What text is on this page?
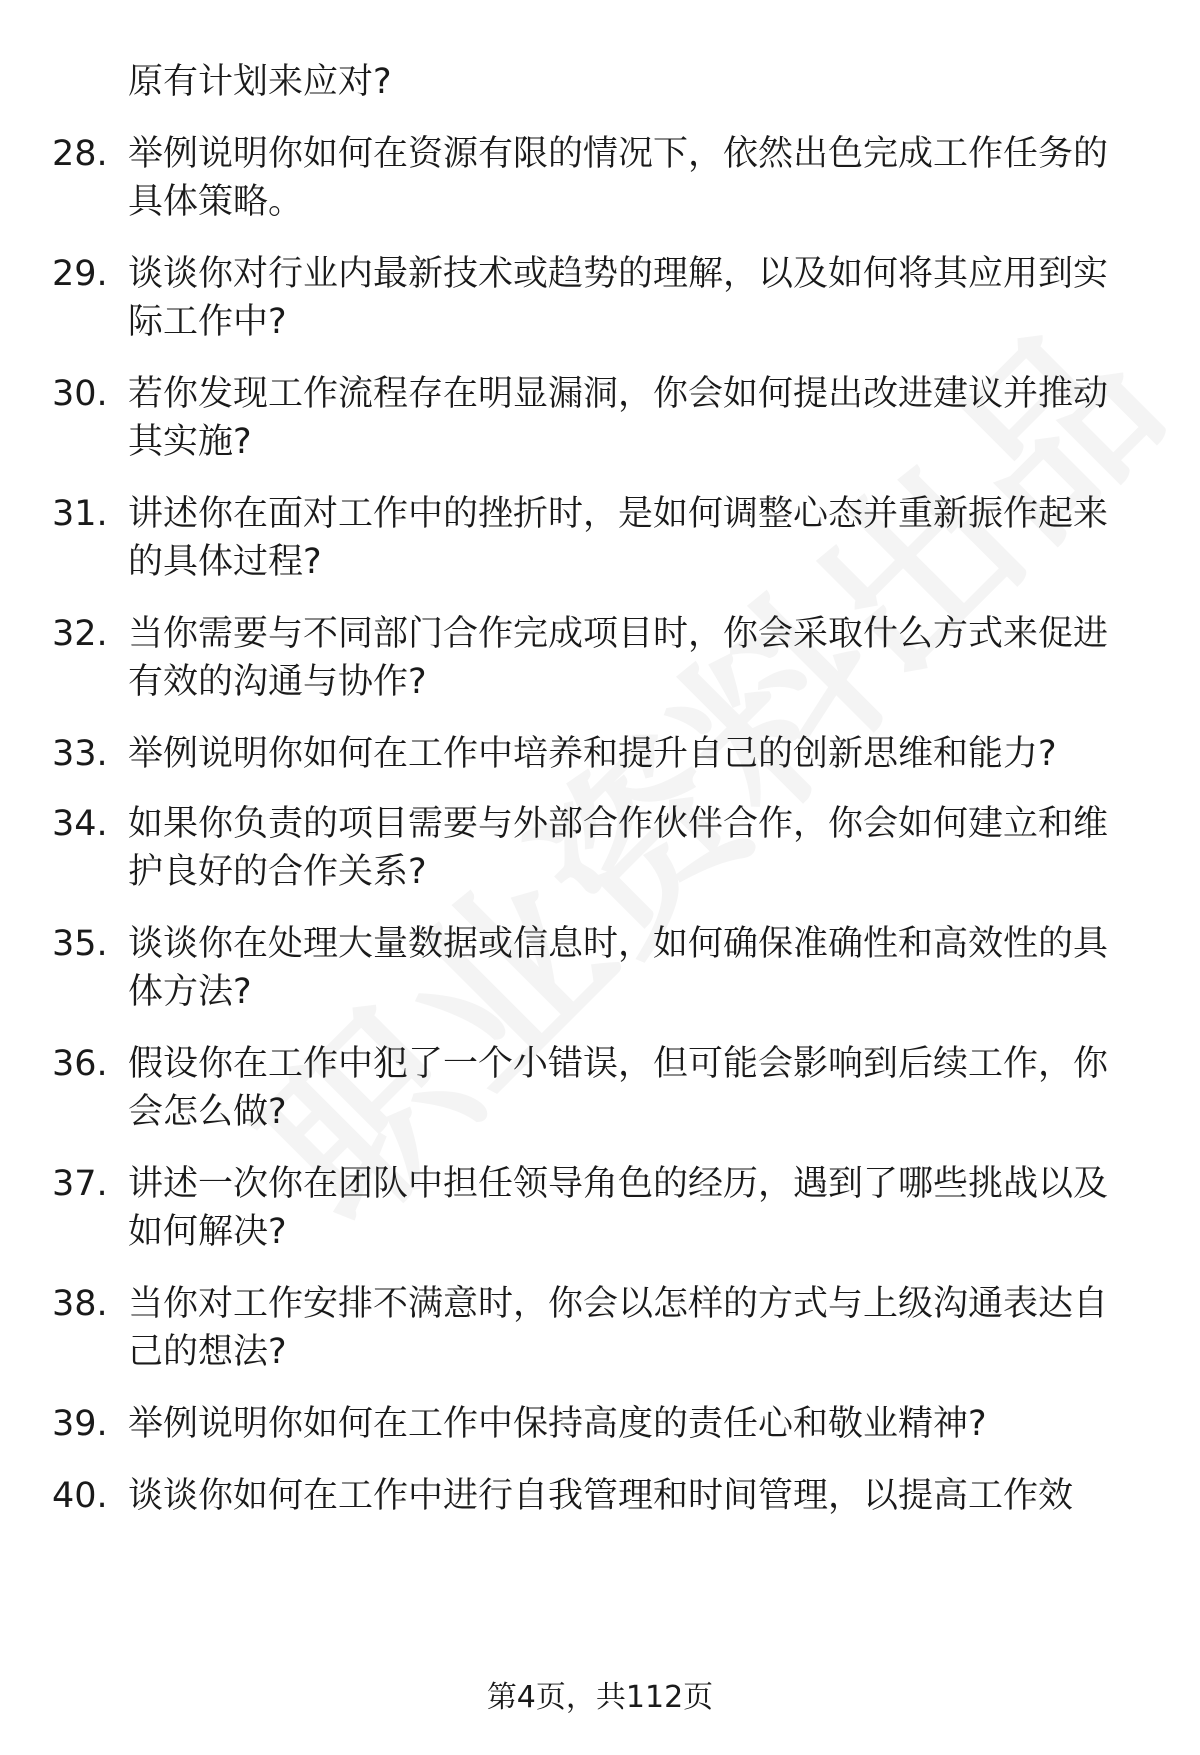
原有计划来应对?
28. 举例说明你如何在资源有限的情况下，依然出色完成工作任务的
具体策略。
29. 谈谈你对行业内最新技术或趋势的理解，以及如何将其应用到实
际工作中?
30. 若你发现工作流程存在明显漏洞，你会如何提出改进建议并推动
其实施?
31. 讲述你在面对工作中的挫折时，是如何调整心态并重新振作起来
的具体过程?
32. 当你需要与不同部门合作完成项目时，你会采取什么方式来促进
有效的沟通与协作?
33. 举例说明你如何在工作中培养和提升自己的创新思维和能力?
34. 如果你负责的项目需要与外部合作伙伴合作，你会如何建立和维
护良好的合作关系?
35. 谈谈你在处理大量数据或信息时，如何确保准确性和高效性的具
体方法?
36. 假设你在工作中犯了一个小错误，但可能会影响到后续工作，你
会怎么做?
37. 讲述一次你在团队中担任领导角色的经历，遇到了哪些挑战以及
如何解决?
38. 当你对工作安排不满意时，你会以怎样的方式与上级沟通表达自
己的想法?
39. 举例说明你如何在工作中保持高度的责任心和敬业精神?
40. 谈谈你如何在工作中进行自我管理和时间管理，以提高工作效
第4页，共112页
